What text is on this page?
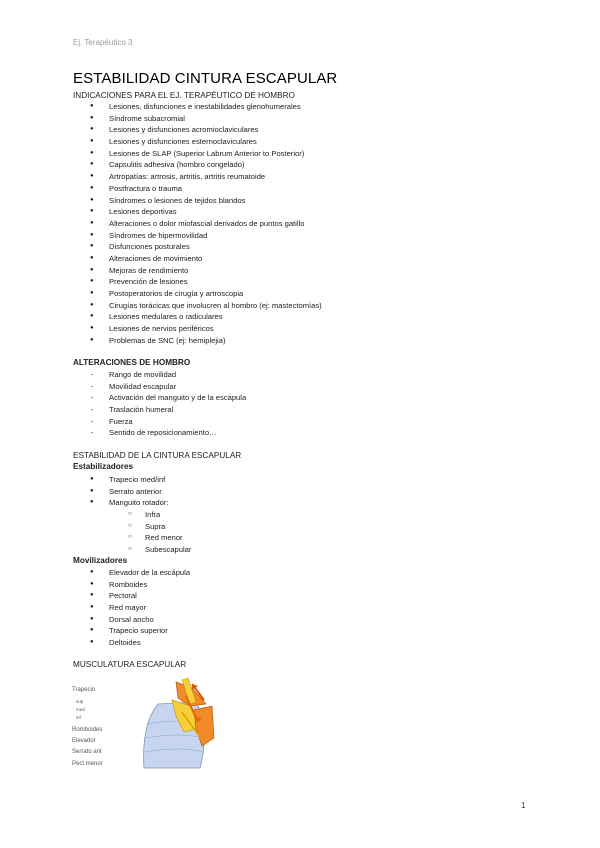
Ej. Terapéutico 3
ESTABILIDAD CINTURA ESCAPULAR
INDICACIONES PARA EL EJ. TERAPÉUTICO DE HOMBRO
● Lesiones, disfunciones e inestabilidades glenohumerales
● Síndrome subacromial
● Lesiones y disfunciones acromioclaviculares
● Lesiones y disfunciones esternoclaviculares
● Lesiones de SLAP (Superior Labrum Anterior to Posterior)
● Capsulitis adhesiva (hombro congelado)
● Artropatías: artrosis, artritis, artritis reumatoide
● Postfractura o trauma
● Síndromes o lesiones de tejidos blandos
● Lesiones deportivas
● Alteraciones o dolor miofascial derivados de puntos gatillo
● Síndromes de hipermovilidad
● Disfunciones posturales
● Alteraciones de movimiento
● Mejoras de rendimiento
● Prevención de lesiones
● Postoperatorios de cirugía y artroscopia
● Cirugías torácicas que involucren al hombro (ej: mastectomías)
● Lesiones medulares o radiculares
● Lesiones de nervios periféricos
● Problemas de SNC (ej: hemiplejia)
ALTERACIONES DE HOMBRO
- Rango de movilidad
- Movilidad escapular
- Activación del manguito y de la escápula
- Traslación humeral
- Fuerza
- Sentido de reposicionamiento…
ESTABILIDAD DE LA CINTURA ESCAPULAR
Estabilizadores
● Trapecio med/inf
● Serrato anterior
● Manguito rotador:
○ Infra
○ Supra
○ Red menor
○ Subescapular
Movilizadores
● Elevador de la escápula
● Romboides
● Pectoral
● Red mayor
● Dorsal ancho
● Trapecio superior
● Deltoides
MUSCULATURA ESCAPULAR
Trapecio
sup
med
inf
Romboides
Elevador
Serrato ant
Pect menor
1
